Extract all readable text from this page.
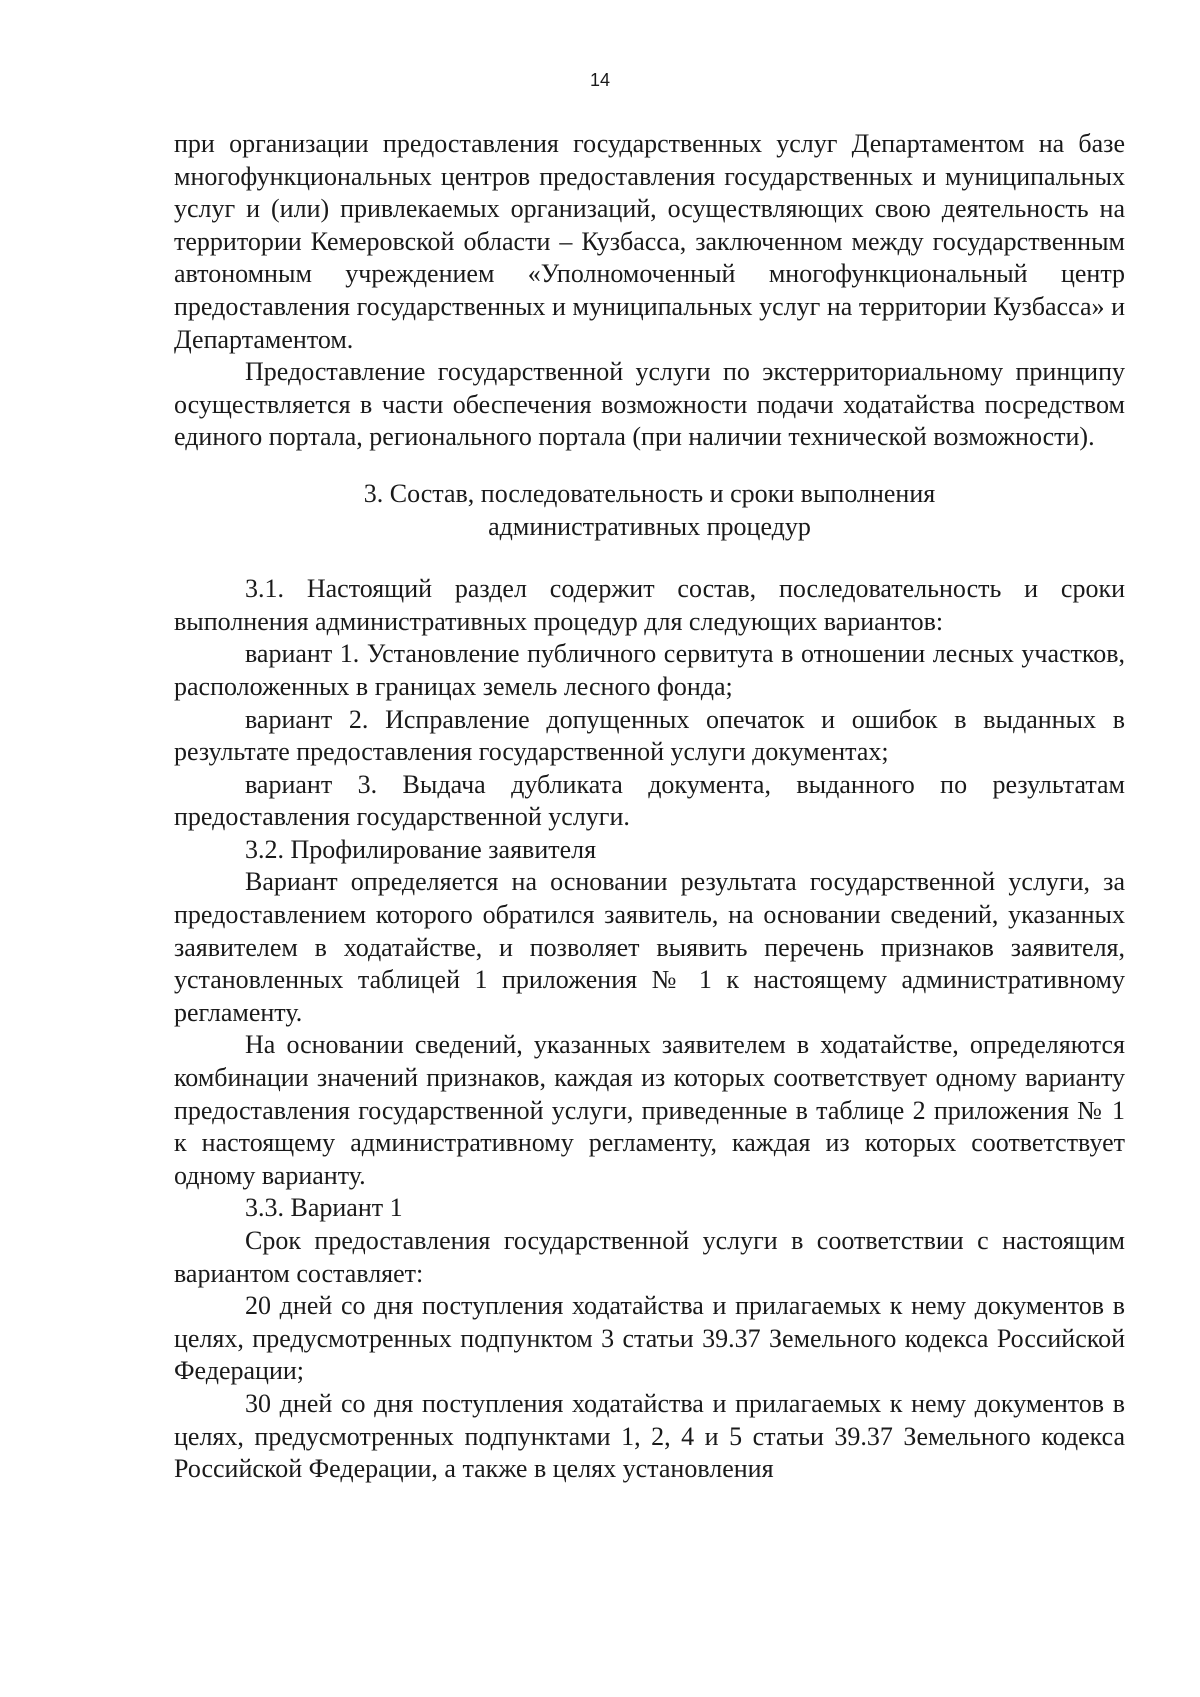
14

при организации предоставления государственных услуг Департаментом на базе многофункциональных центров предоставления государственных и муниципальных услуг и (или) привлекаемых организаций, осуществляющих свою деятельность на территории Кемеровской области – Кузбасса, заключенном между государственным автономным учреждением «Уполномоченный многофункциональный центр предоставления государственных и муниципальных услуг на территории Кузбасса» и Департаментом.

Предоставление государственной услуги по экстерриториальному принципу осуществляется в части обеспечения возможности подачи ходатайства посредством единого портала, регионального портала (при наличии технической возможности).

3. Состав, последовательность и сроки выполнения

административных процедур

3.1. Настоящий раздел содержит состав, последовательность и сроки выполнения административных процедур для следующих вариантов:

вариант 1. Установление публичного сервитута в отношении лесных участков, расположенных в границах земель лесного фонда;

вариант 2. Исправление допущенных опечаток и ошибок в выданных в результате предоставления государственной услуги документах;

вариант 3. Выдача дубликата документа, выданного по результатам предоставления государственной услуги.

3.2. Профилирование заявителя

Вариант определяется на основании результата государственной услуги, за предоставлением которого обратился заявитель, на основании сведений, указанных заявителем в ходатайстве, и позволяет выявить перечень признаков заявителя, установленных таблицей 1 приложения № 1 к настоящему административному регламенту.

На основании сведений, указанных заявителем в ходатайстве, определяются комбинации значений признаков, каждая из которых соответствует одному варианту предоставления государственной услуги, приведенные в таблице 2 приложения № 1 к настоящему административному регламенту, каждая из которых соответствует одному варианту.

3.3. Вариант 1

Срок предоставления государственной услуги в соответствии с настоящим вариантом составляет:

20 дней со дня поступления ходатайства и прилагаемых к нему документов в целях, предусмотренных подпунктом 3 статьи 39.37 Земельного кодекса Российской Федерации;

30 дней со дня поступления ходатайства и прилагаемых к нему документов в целях, предусмотренных подпунктами 1, 2, 4 и 5 статьи 39.37 Земельного кодекса Российской Федерации, а также в целях установления
